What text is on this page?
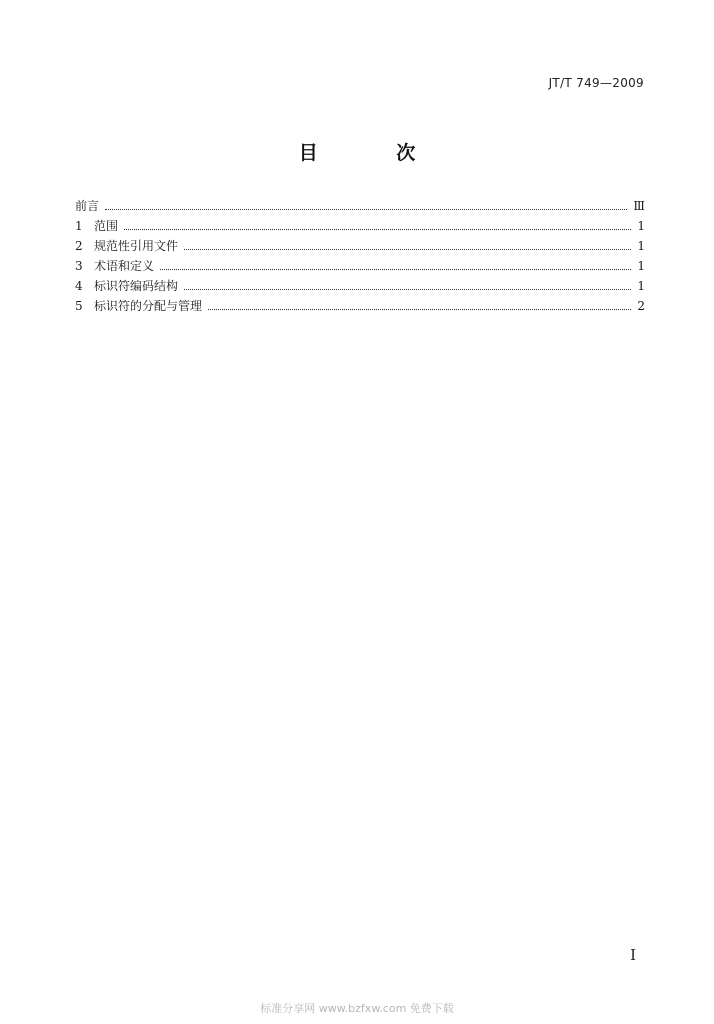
JT/T 749—2009
目 次
前言	Ⅲ
1 范围	1
2 规范性引用文件	1
3 术语和定义	1
4 标识符编码结构	1
5 标识符的分配与管理	2
I
标准分享网 www.bzfxw.com 免费下载
